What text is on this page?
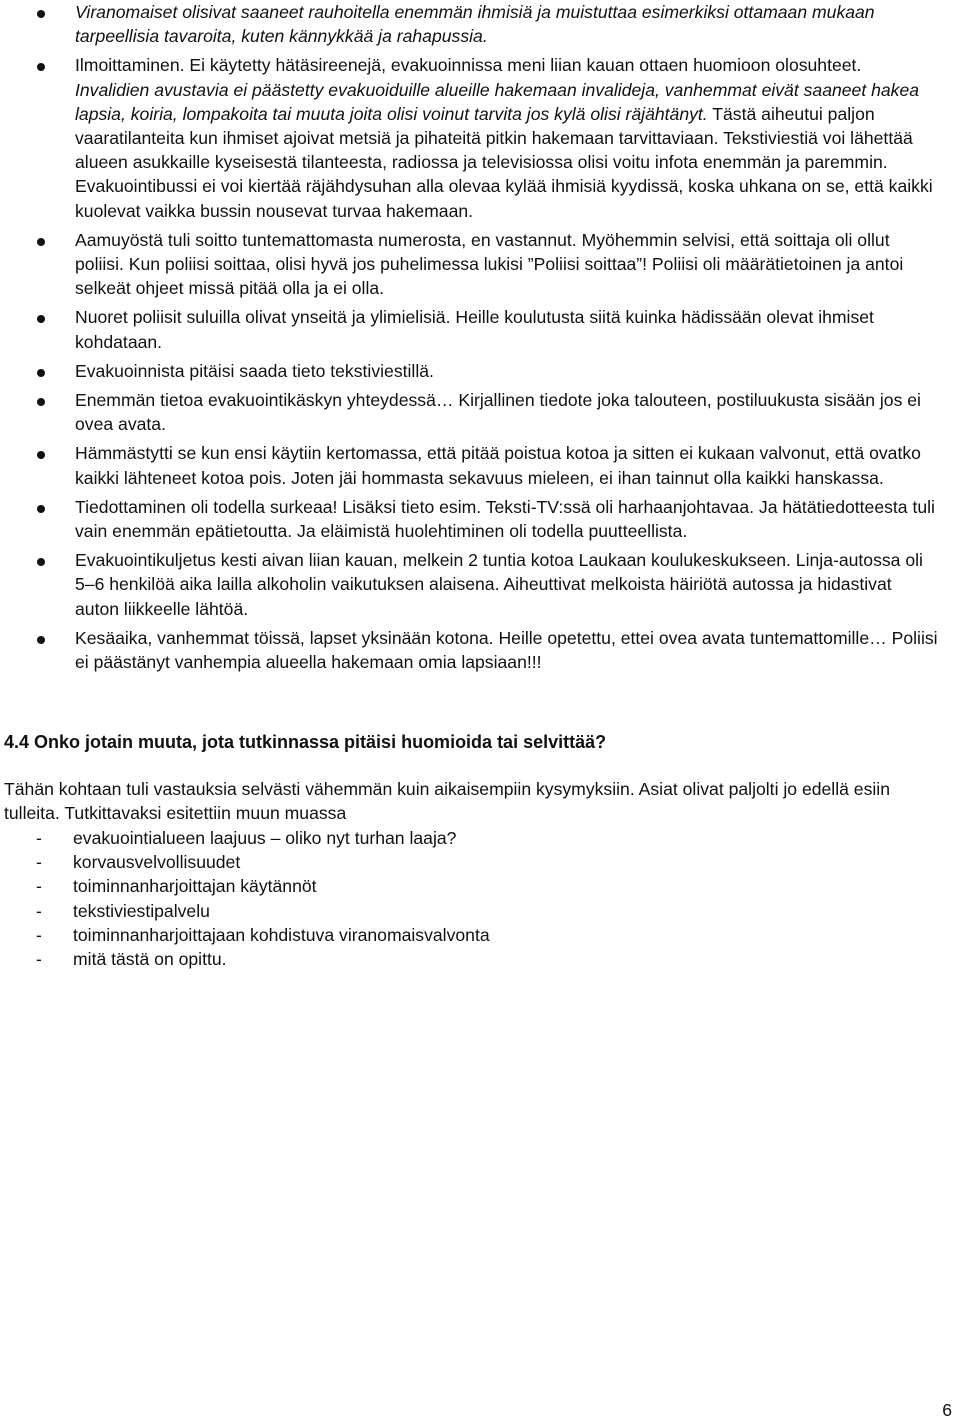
Viranomaiset olisivat saaneet rauhoitella enemmän ihmisiä ja muistuttaa esimerkiksi ottamaan mukaan tarpeellisia tavaroita, kuten kännykkää ja rahapussia.

Ilmoittaminen. Ei käytetty hätäsireenejä, evakuoinnissa meni liian kauan ottaen huomioon olosuhteet. Invalidien avustavia ei päästetty evakuoiduille alueille hakemaan invalideja, vanhemmat eivät saaneet hakea lapsia, koiria, lompakoita tai muuta joita olisi voinut tarvita jos kylä olisi räjähtänyt. Tästä aiheutui paljon vaaratilanteita kun ihmiset ajoivat metsiä ja pihateitä pitkin hakemaan tarvittaviaan. Tekstiviestiä voi lähettää alueen asukkaille kyseisestä tilanteesta, radiossa ja televisiossa olisi voitu infota enemmän ja paremmin. Evakuointibussi ei voi kiertää räjähdysuhan alla olevaa kylää ihmisiä kyydissä, koska uhkana on se, että kaikki kuolevat vaikka bussin nousevat turvaa hakemaan.

Aamuyöstä tuli soitto tuntemattomasta numerosta, en vastannut. Myöhemmin selvisi, että soittaja oli ollut poliisi. Kun poliisi soittaa, olisi hyvä jos puhelimessa lukisi ”Poliisi soittaa”! Poliisi oli määrätietoinen ja antoi selkeät ohjeet missä pitää olla ja ei olla.

Nuoret poliisit suluilla olivat ynseitä ja ylimielisiä. Heille koulutusta siitä kuinka hädissään olevat ihmiset kohdataan.

Evakuoinnista pitäisi saada tieto tekstiviestillä.

Enemmän tietoa evakuointikäskyn yhteydessä… Kirjallinen tiedote joka talouteen, postiluukusta sisään jos ei ovea avata.

Hämmästytti se kun ensi käytiin kertomassa, että pitää poistua kotoa ja sitten ei kukaan valvonut, että ovatko kaikki lähteneet kotoa pois. Joten jäi hommasta sekavuus mieleen, ei ihan tainnut olla kaikki hanskassa.

Tiedottaminen oli todella surkeaa! Lisäksi tieto esim. Teksti-TV:ssä oli harhaanjohtavaa. Ja hätätiedotteesta tuli vain enemmän epätietoutta. Ja eläimistä huolehtiminen oli todella puutteellista.

Evakuointikuljetus kesti aivan liian kauan, melkein 2 tuntia kotoa Laukaan koulukeskukseen. Linja-autossa oli 5–6 henkilöä aika lailla alkoholin vaikutuksen alaisena. Aiheuttivat melkoista häiriötä autossa ja hidastivat auton liikkeelle lähtöä.

Kesäaika, vanhemmat töissä, lapset yksinään kotona. Heille opetettu, ettei ovea avata tuntemattomille… Poliisi ei päästänyt vanhempia alueella hakemaan omia lapsiaan!!!

4.4 Onko jotain muuta, jota tutkinnassa pitäisi huomioida tai selvittää?

Tähän kohtaan tuli vastauksia selvästi vähemmän kuin aikaisempiin kysymyksiin. Asiat olivat paljolti jo edellä esiin tulleita. Tutkittavaksi esitettiin muun muassa

- evakuointialueen laajuus – oliko nyt turhan laaja?
- korvausvelvollisuudet
- toiminnanharjoittajan käytännöt
- tekstiviestipalvelu
- toiminnanharjoittajaan kohdistuva viranomaisvalvonta
- mitä tästä on opittu.
6
